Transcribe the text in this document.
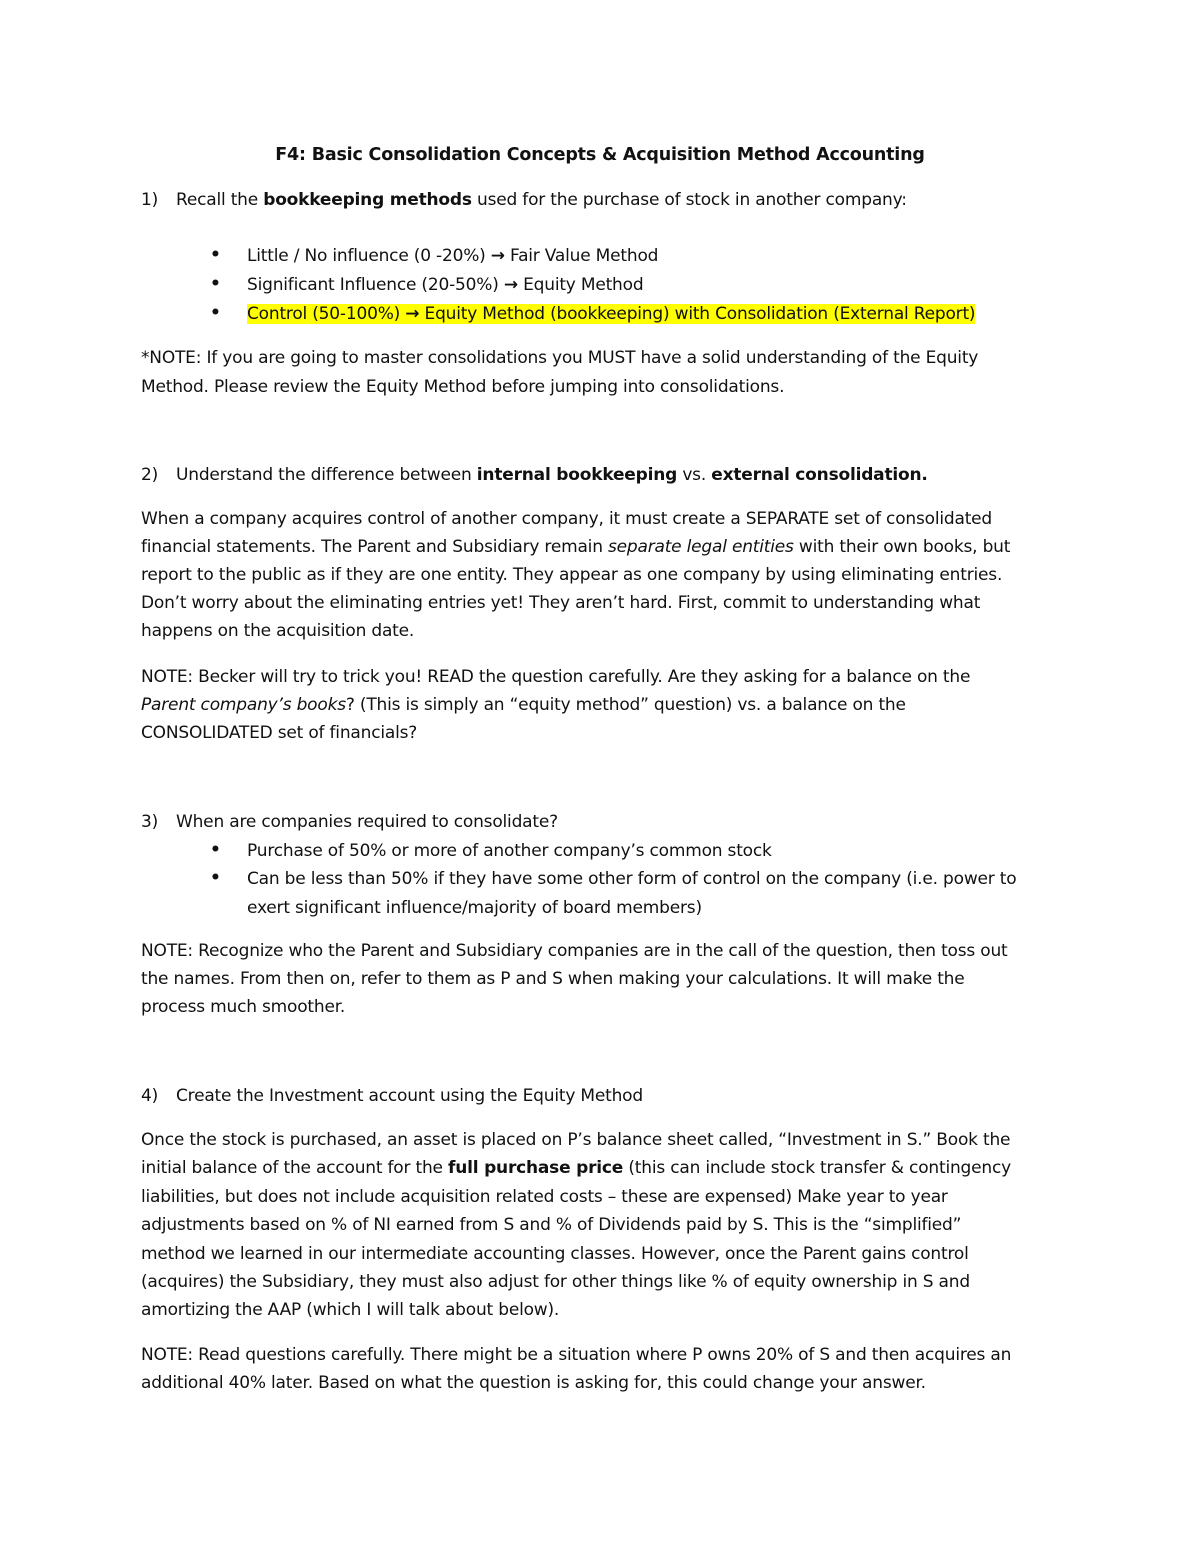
F4: Basic Consolidation Concepts & Acquisition Method Accounting
1) Recall the bookkeeping methods used for the purchase of stock in another company:
• Little / No influence (0 -20%) → Fair Value Method
• Significant Influence (20-50%) → Equity Method
• Control (50-100%) → Equity Method (bookkeeping) with Consolidation (External Report)
*NOTE: If you are going to master consolidations you MUST have a solid understanding of the Equity
Method. Please review the Equity Method before jumping into consolidations.
2) Understand the difference between internal bookkeeping vs. external consolidation.
When a company acquires control of another company, it must create a SEPARATE set of consolidated
financial statements. The Parent and Subsidiary remain separate legal entities with their own books, but
report to the public as if they are one entity. They appear as one company by using eliminating entries.
Don’t worry about the eliminating entries yet! They aren’t hard. First, commit to understanding what
happens on the acquisition date.
NOTE: Becker will try to trick you! READ the question carefully. Are they asking for a balance on the
Parent company’s books? (This is simply an “equity method” question) vs. a balance on the
CONSOLIDATED set of financials?
3) When are companies required to consolidate?
• Purchase of 50% or more of another company’s common stock
• Can be less than 50% if they have some other form of control on the company (i.e. power to
exert significant influence/majority of board members)
NOTE: Recognize who the Parent and Subsidiary companies are in the call of the question, then toss out
the names. From then on, refer to them as P and S when making your calculations. It will make the
process much smoother.
4) Create the Investment account using the Equity Method
Once the stock is purchased, an asset is placed on P’s balance sheet called, “Investment in S.” Book the
initial balance of the account for the full purchase price (this can include stock transfer & contingency
liabilities, but does not include acquisition related costs – these are expensed) Make year to year
adjustments based on % of NI earned from S and % of Dividends paid by S. This is the “simplified”
method we learned in our intermediate accounting classes. However, once the Parent gains control
(acquires) the Subsidiary, they must also adjust for other things like % of equity ownership in S and
amortizing the AAP (which I will talk about below).
NOTE: Read questions carefully. There might be a situation where P owns 20% of S and then acquires an
additional 40% later. Based on what the question is asking for, this could change your answer.
